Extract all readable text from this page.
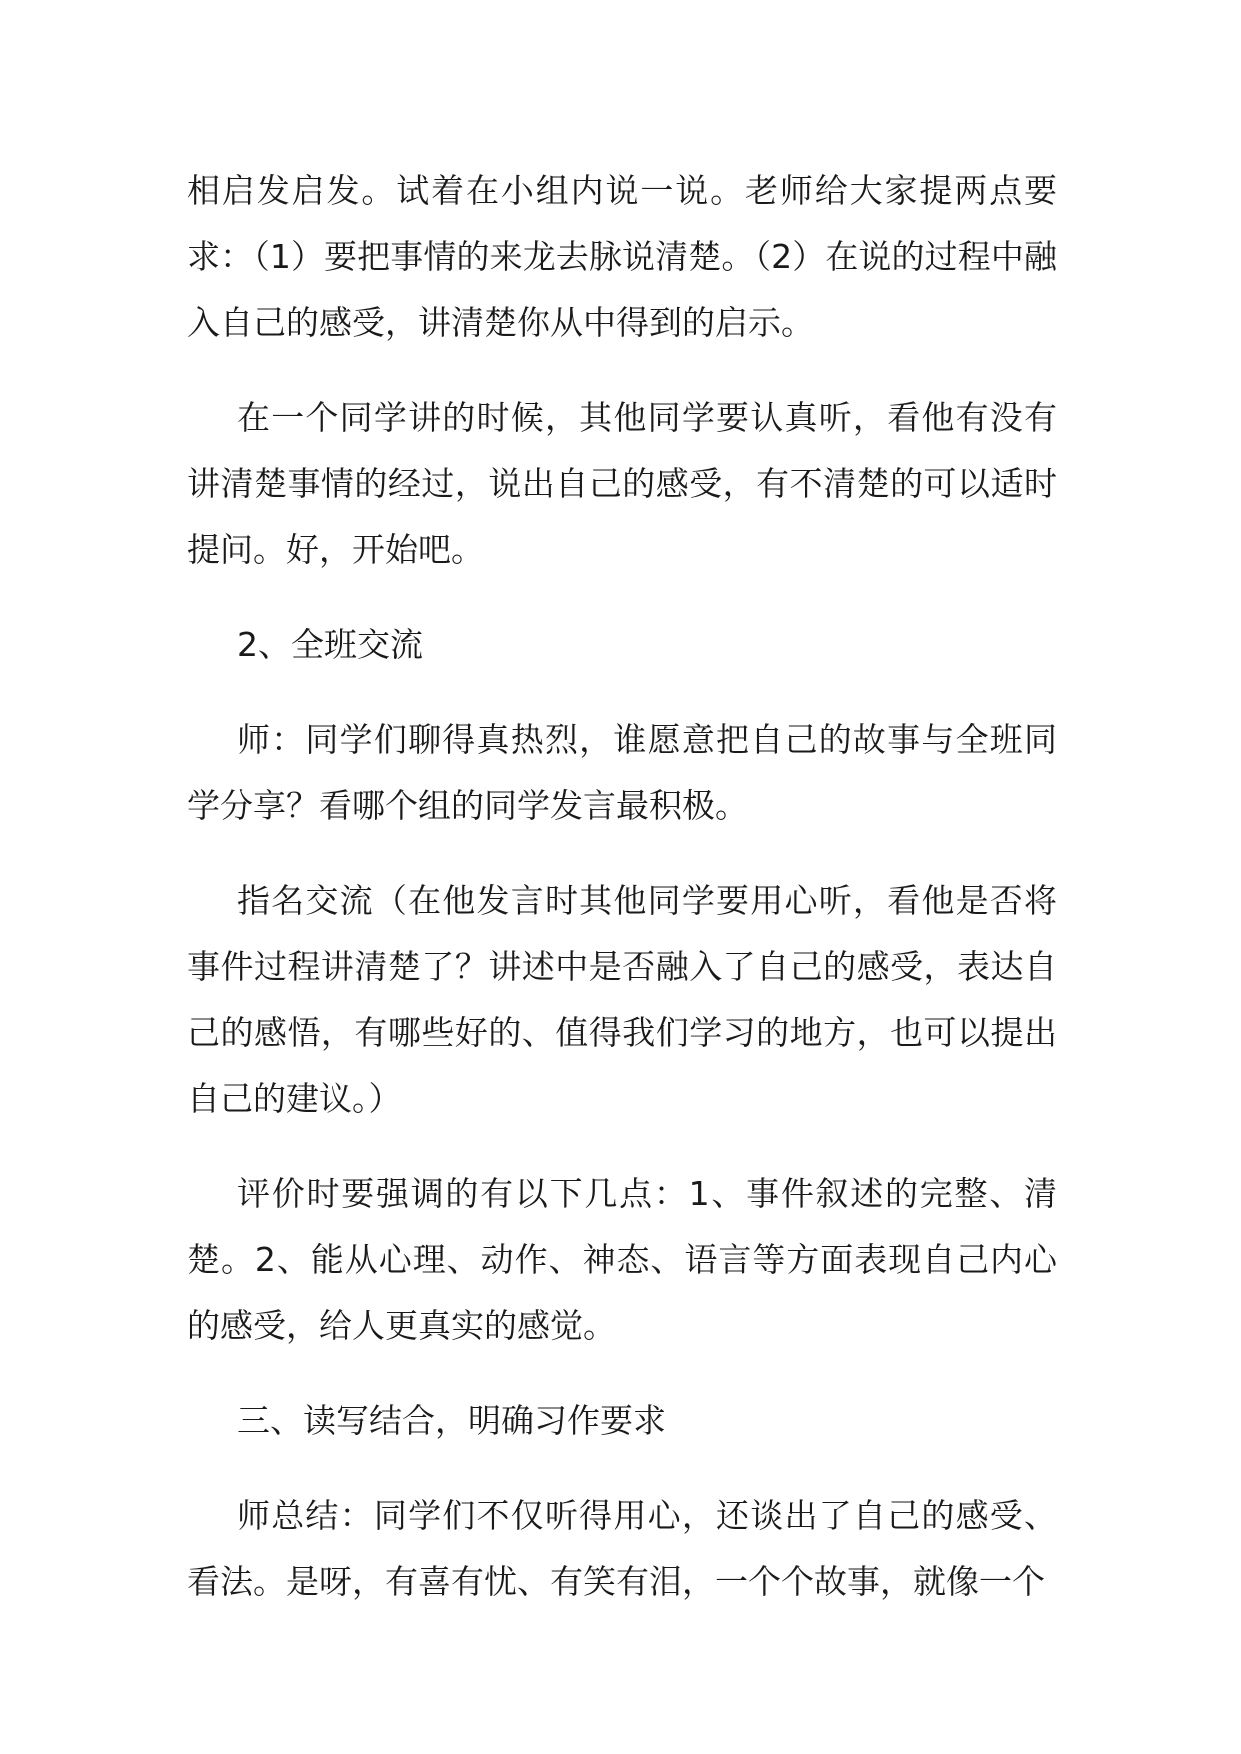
相启发启发。试着在小组内说一说。老师给大家提两点要求：（1）要把事情的来龙去脉说清楚。（2）在说的过程中融入自己的感受，讲清楚你从中得到的启示。

在一个同学讲的时候，其他同学要认真听，看他有没有讲清楚事情的经过，说出自己的感受，有不清楚的可以适时提问。好，开始吧。

2、全班交流

师：同学们聊得真热烈，谁愿意把自己的故事与全班同学分享？看哪个组的同学发言最积极。

指名交流（在他发言时其他同学要用心听，看他是否将事件过程讲清楚了？讲述中是否融入了自己的感受，表达自己的感悟，有哪些好的、值得我们学习的地方，也可以提出自己的建议。）

评价时要强调的有以下几点：1、事件叙述的完整、清楚。2、能从心理、动作、神态、语言等方面表现自己内心的感受，给人更真实的感觉。

三、读写结合，明确习作要求

师总结：同学们不仅听得用心，还谈出了自己的感受、看法。是呀，有喜有忧、有笑有泪，一个个故事，就像一个
